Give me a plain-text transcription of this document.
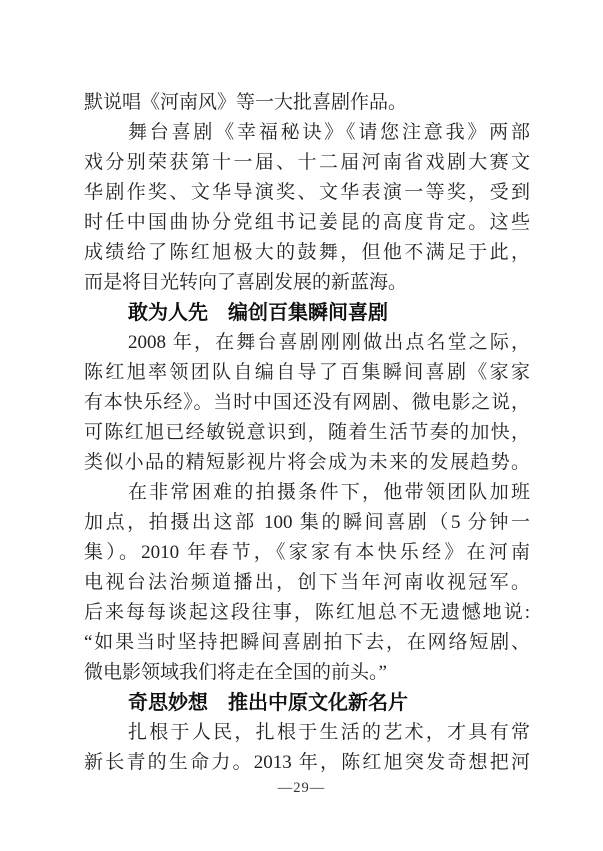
默说唱《河南风》等一大批喜剧作品。
舞台喜剧《幸福秘诀》《请您注意我》两部
戏分别荣获第十一届、十二届河南省戏剧大赛文
华剧作奖、文华导演奖、文华表演一等奖，受到
时任中国曲协分党组书记姜昆的高度肯定。这些
成绩给了陈红旭极大的鼓舞，但他不满足于此，
而是将目光转向了喜剧发展的新蓝海。
敢为人先　编创百集瞬间喜剧
2008 年，在舞台喜剧刚刚做出点名堂之际，
陈红旭率领团队自编自导了百集瞬间喜剧《家家
有本快乐经》。当时中国还没有网剧、微电影之说，
可陈红旭已经敏锐意识到，随着生活节奏的加快，
类似小品的精短影视片将会成为未来的发展趋势。
在非常困难的拍摄条件下，他带领团队加班
加点，拍摄出这部 100 集的瞬间喜剧（5 分钟一
集）。2010 年春节，《家家有本快乐经》在河南
电视台法治频道播出，创下当年河南收视冠军。
后来每每谈起这段往事，陈红旭总不无遗憾地说:
“如果当时坚持把瞬间喜剧拍下去，在网络短剧、
微电影领域我们将走在全国的前头。”
奇思妙想　推出中原文化新名片
扎根于人民，扎根于生活的艺术，才具有常
新长青的生命力。2013 年，陈红旭突发奇想把河
—29—
